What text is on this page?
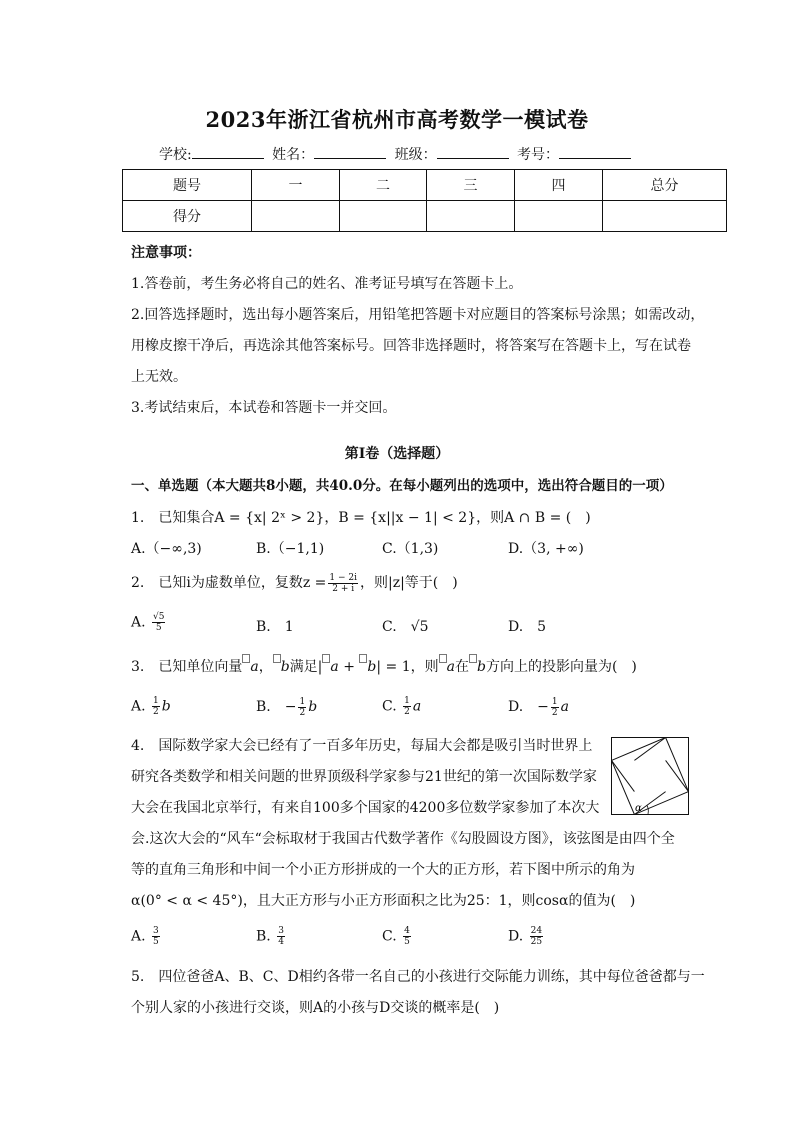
2023年浙江省杭州市高考数学一模试卷
学校:	姓名：	班级：	考号：
题号	一	二	三	四	总分
得分					
注意事项：
1.答卷前，考生务必将自己的姓名、准考证号填写在答题卡上。
2.回答选择题时，选出每小题答案后，用铅笔把答题卡对应题目的答案标号涂黑；如需改动，
用橡皮擦干净后，再选涂其他答案标号。回答非选择题时，将答案写在答题卡上，写在试卷
上无效。
3.考试结束后，本试卷和答题卡一并交回。
第I卷（选择题）
一、单选题（本大题共8小题，共40.0分。在每小题列出的选项中，选出符合题目的一项）
1.　已知集合A = {x| 2ˣ > 2}，B = {x||x − 1| < 2}，则A ∩ B = (　)
A.（−∞,3)	B.（−1,1)	C.（1,3)	D.（3, +∞)
2.　已知i为虚数单位，复数$z = \frac{1 - 2i}{2 + i}$ ，则|z|等于(　)
A. $\frac{√5}{5}$	B.　1	C.　√5	D.　5
3.　已知单位向量 a， b满足| a + b| = 1，则 a在 b方向上的投影向量为(　)
A. $\frac{1}{2}$ b	B.　− $\frac{1}{2}$ b	C. $\frac{1}{2}$ a	D.　− $\frac{1}{2}$ a
4.　国际数学家大会已经有了一百多年历史，每届大会都是吸引当时世界上
研究各类数学和相关问题的世界顶级科学家参与21世纪的第一次国际数学家
大会在我国北京举行，有来自100多个国家的4200多位数学家参加了本次大
会.这次大会的“风车“会标取材于我国古代数学著作《勾股圆设方图》，该弦图是由四个全
等的直角三角形和中间一个小正方形拼成的一个大的正方形，若下图中所示的角为
α(0° < α < 45°)，且大正方形与小正方形面积之比为25：1，则cosα的值为(　)
α
A. $\frac{3}{5}$	B. $\frac{3}{4}$	C. $\frac{4}{5}$	D. $\frac{24}{25}$
5.　四位爸爸A、B、C、D相约各带一名自己的小孩进行交际能力训练，其中每位爸爸都与一
个别人家的小孩进行交谈，则A的小孩与D交谈的概率是(　)
